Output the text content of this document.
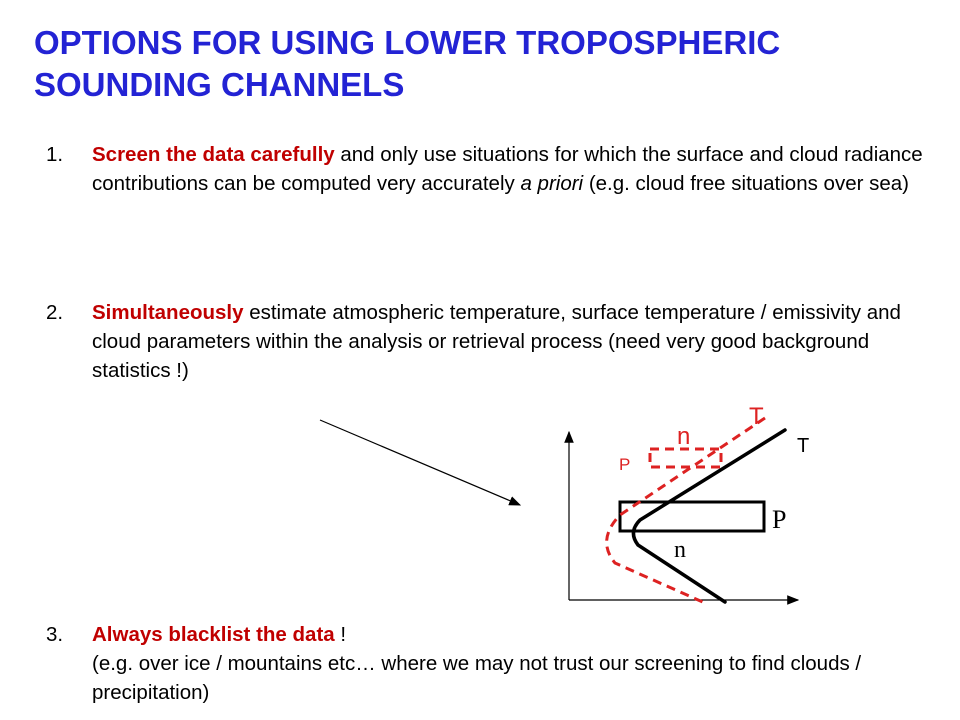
OPTIONS FOR USING LOWER TROPOSPHERIC
SOUNDING CHANNELS
1. Screen the data carefully and only use situations for which the surface and cloud radiance contributions can be computed very accurately a priori (e.g. cloud free situations over sea)
2. Simultaneously estimate atmospheric temperature, surface temperature / emissivity and cloud parameters within the analysis or retrieval process (need very good background statistics !)
3. Always blacklist the data !
(e.g. over ice / mountains etc… where we may not trust our screening to find clouds / precipitation)
T
P
n
T
n
P
